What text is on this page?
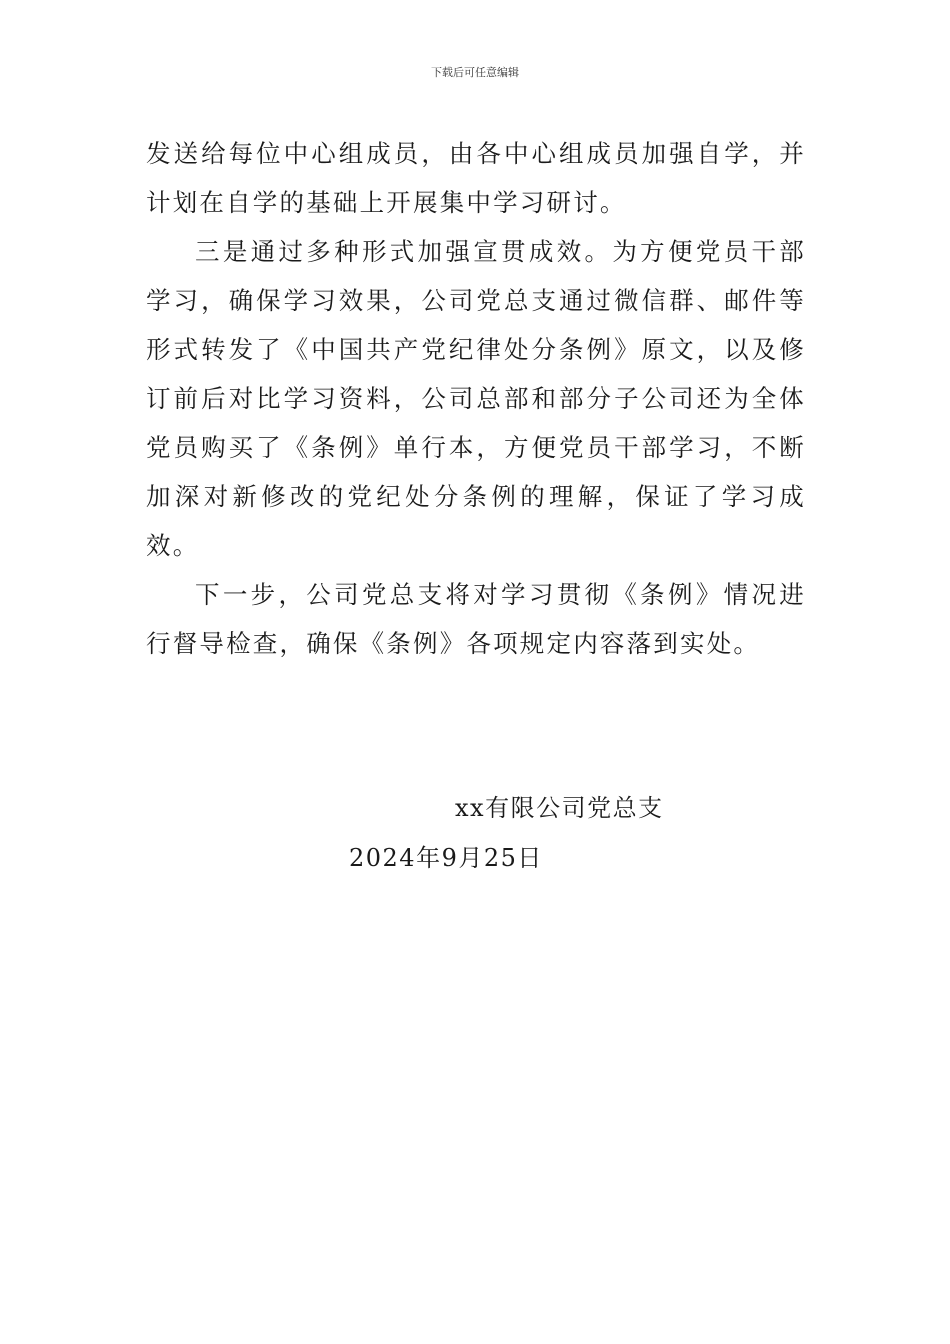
下载后可任意编辑

发送给每位中心组成员，由各中心组成员加强自学，并计划在自学的基础上开展集中学习研讨。

三是通过多种形式加强宣贯成效。为方便党员干部学习，确保学习效果，公司党总支通过微信群、邮件等形式转发了《中国共产党纪律处分条例》原文，以及修订前后对比学习资料，公司总部和部分子公司还为全体党员购买了《条例》单行本，方便党员干部学习，不断加深对新修改的党纪处分条例的理解，保证了学习成效。

下一步，公司党总支将对学习贯彻《条例》情况进行督导检查，确保《条例》各项规定内容落到实处。

xx有限公司党总支
2024年9月25日
